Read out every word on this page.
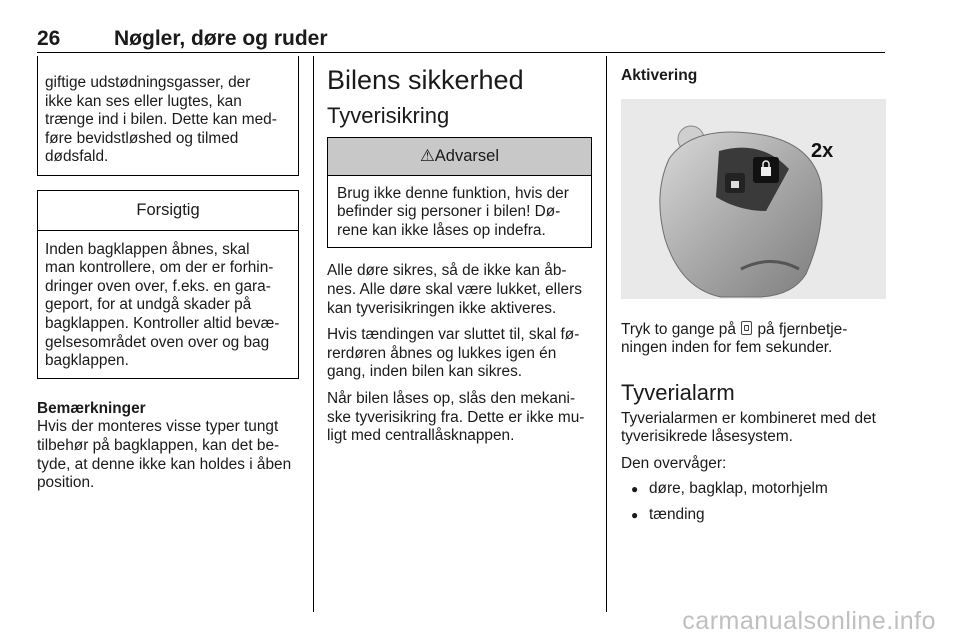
26	Nøgler, døre og ruder
giftige udstødningsgasser, der
ikke kan ses eller lugtes, kan
trænge ind i bilen. Dette kan med-
føre bevidstløshed og tilmed
dødsfald.
Forsigtig
Inden bagklappen åbnes, skal
man kontrollere, om der er forhin-
dringer oven over, f.eks. en gara-
geport, for at undgå skader på
bagklappen. Kontroller altid bevæ-
gelsesområdet oven over og bag
bagklappen.
Bemærkninger
Hvis der monteres visse typer tungt
tilbehør på bagklappen, kan det be-
tyde, at denne ikke kan holdes i åben
position.
Bilens sikkerhed
Tyverisikring
⚠Advarsel
Brug ikke denne funktion, hvis der
befinder sig personer i bilen! Dø-
rene kan ikke låses op indefra.
Alle døre sikres, så de ikke kan åb-
nes. Alle døre skal være lukket, ellers
kan tyverisikringen ikke aktiveres.
Hvis tændingen var sluttet til, skal fø-
rerdøren åbnes og lukkes igen én
gang, inden bilen kan sikres.
Når bilen låses op, slås den mekani-
ske tyverisikring fra. Dette er ikke mu-
ligt med centrallåsknappen.
Aktivering
2x
Tryk to gange på på fjernbetje-
ningen inden for fem sekunder.
Tyverialarm
Tyverialarmen er kombineret med det
tyverisikrede låsesystem.
Den overvåger:
● døre, bagklap, motorhjelm
● tænding
carmanualsonline.info
